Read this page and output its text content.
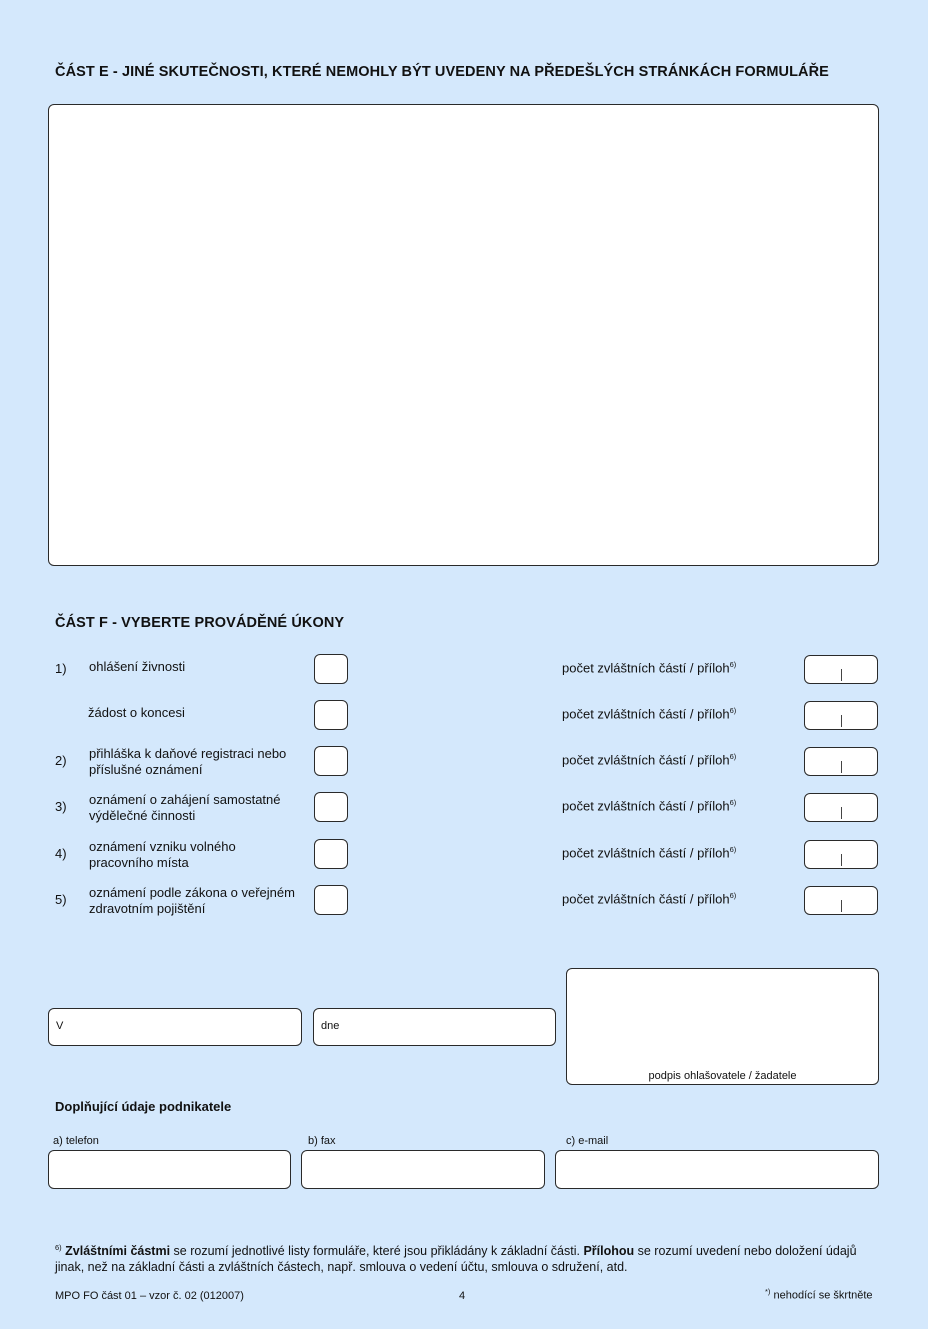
ČÁST E - JINÉ SKUTEČNOSTI, KTERÉ NEMOHLY BÝT UVEDENY NA PŘEDEŠLÝCH STRÁNKÁCH FORMULÁŘE
ČÁST F - VYBERTE PROVÁDĚNÉ ÚKONY
1) ohlášení živnosti	počet zvláštních částí / příloh$^{6)}$
žádost o koncesi	počet zvláštních částí / příloh$^{6)}$
2) přihláška k daňové registraci nebo
příslušné oznámení
počet zvláštních částí / příloh$^{6)}$
3) oznámení o zahájení samostatné
výdělečné činnosti
počet zvláštních částí / příloh$^{6)}$
4) oznámení vzniku volného
pracovního místa
počet zvláštních částí / příloh$^{6)}$
5) oznámení podle zákona o veřejném
zdravotním pojištění
počet zvláštních částí / příloh$^{6)}$
V	dne
podpis ohlašovatele / žadatele
Doplňující údaje podnikatele
a) telefon	b) fax	c) e-mail
$^{6)}$ Zvláštními částmi se rozumí jednotlivé listy formuláře, které jsou přikládány k základní části. Přílohou se rozumí uvedení nebo doložení údajů jinak, než na základní části a zvláštních částech, např. smlouva o vedení účtu, smlouva o sdružení, atd.
MPO FO část 01 – vzor č. 02 (012007)	4	*) nehodící se škrtněte
